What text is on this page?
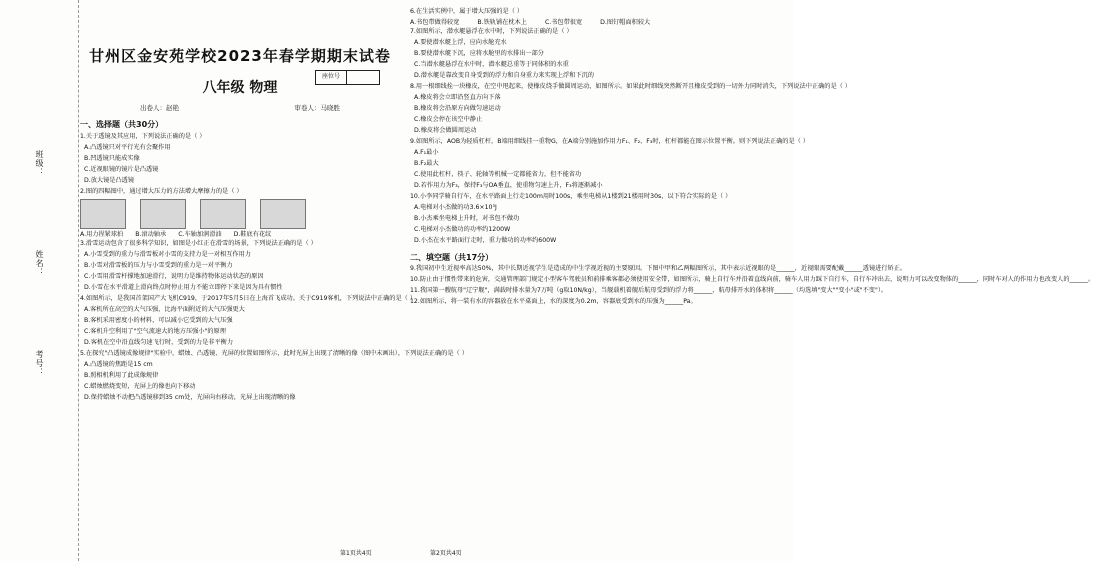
班级：
姓名：
考号：
甘州区金安苑学校2023年春学期期末试卷
八年级 物理
座位号
出卷人：赵艳	审卷人：马晓胜
一、选择题（共30分）

1.关于透镜及其应用，下列说法正确的是（ ）

A.凸透镜只对平行光有会聚作用

B.凹透镜只能成实像

C.近视眼镜的镜片是凸透镜

D.放大镜是凸透镜

2.图的四幅图中，通过增大压力的方法增大摩擦力的是（ ）

A.用力捏紧球拍 B.滚动轴承 C.车轴加润滑油 D.鞋底有花纹

3.滑雪运动包含了很多科学知识，如图是小红正在滑雪的场景，下列说法正确的是（ ）

A.小雪受到的重力与滑雪板对小雪的支持力是一对相互作用力

B.小雪对滑雪板的压力与小雪受到的重力是一对平衡力

C.小雪用滑雪杆撑地加速滑行，说明力是维持物体运动状态的原因

D.小雪在水平滑道上滑向终点时停止用力不能立即停下来是因为具有惯性

4.如图所示，是我国首架国产大飞机C919，于2017年5月5日在上海首飞成功。关于C919客机，下列说法中正确的是（ ）

A.客机所在高空的大气压强，比海平面附近的大气压强更大

B.客机采用密度小的材料，可以减小它受到的大气压强

C.客机升空利用了"空气流速大的地方压强小"的原理

D.客机在空中沿直线匀速飞行时，受到的力是非平衡力

5.在探究"凸透镜成像规律"实验中，蜡烛、凸透镜、光屏的位置如图所示，此时光屏上出现了清晰的像（图中未画出），下列说法正确的是（ ）

A.凸透镜的焦距是15 cm

B.照相机利用了此成像规律

C.蜡烛燃烧变短，光屏上的像也向下移动

D.保持蜡烛不动把凸透镜移到35 cm处，光屏向右移动，光屏上出现清晰的像

6.在生活实例中，属于增大压强的是（ ）

A.书包带做得较宽	B.铁轨铺在枕木上	C.书包带很宽	D.图钉帽面积较大

7.如图所示，潜水艇悬浮在水中时，下列说法正确的是（ ）

A.要使潜水艇上浮，应向水舱充水

B.要使潜水艇下沉，应将水舱里的水排出一部分

C.当潜水艇悬浮在水中时，潜水艇总重等于同体积的水重

D.潜水艇是靠改变自身受到的浮力和自身重力来实现上浮和下沉的

8.用一根细线拴一块橡皮，在空中甩起来，使橡皮绕手做圆周运动，如图所示。如果此时细线突然断开且橡皮受到的一切外力同时消失，下列说法中正确的是（ ）

A.橡皮将会立即沿竖直方向下落

B.橡皮将会沿原方向做匀速运动

C.橡皮会停在该空中静止

D.橡皮将会做圆周运动

9.如图所示，AOB为轻质杠杆，B端用细线挂一重物G，在A端分别施加作用力F₁、F₂、F₃时，杠杆都能在图示位置平衡。则下列说法正确的是（ ）

A.F₁最小

B.F₂最大

C.使用此杠杆，筷子、轮轴等机械一定都能省力，但不能省功

D.若作用力为F₃，保持F₃与OA垂直，使重物匀速上升，F₃将逐渐减小

10.小李同学骑自行车，在水平路面上行走100m用时100s，乘坐电梯从1楼到21楼用时30s，以下符合实际的是（ ）

A.电梯对小杰做的功3.6×10³J

B.小杰乘坐电梯上升时，对书包不做功

C.电梯对小杰做功的功率约1200W

D.小杰在水平路面行走时，重力做功的功率约600W

二、填空题（共17分）

9.我国初中生近视率高达50%，其中长期近视学生是造成的中生学视近视的主要原因。下图中甲和乙两幅图所示，其中表示近视眼的是______，近视眼需要配戴______透镜进行矫正。

10.防止由于惯性带来的危害，交通管理部门规定小型客车驾驶员和前排乘客都必须使用安全带，如图所示，骑上自行车并沿着直线向前，骑车人用力踩下自行车，自行车冲出去，说明力可以改变物体的______，同时车对人的作用力也改变人的______。

11.我国第一艘航母"辽宁舰"，满载时排水量为7万吨（g取10N/kg），当舰载机着舰后航母受到的浮力将______，航母排开水的体积将______（均选填"变大""变小"或"不变"）。

12.如图所示，将一装有水的容器放在水平桌面上，水的深度为0.2m，容器底受到水的压强为______Pa。

第1页共4页	第2页共4页
